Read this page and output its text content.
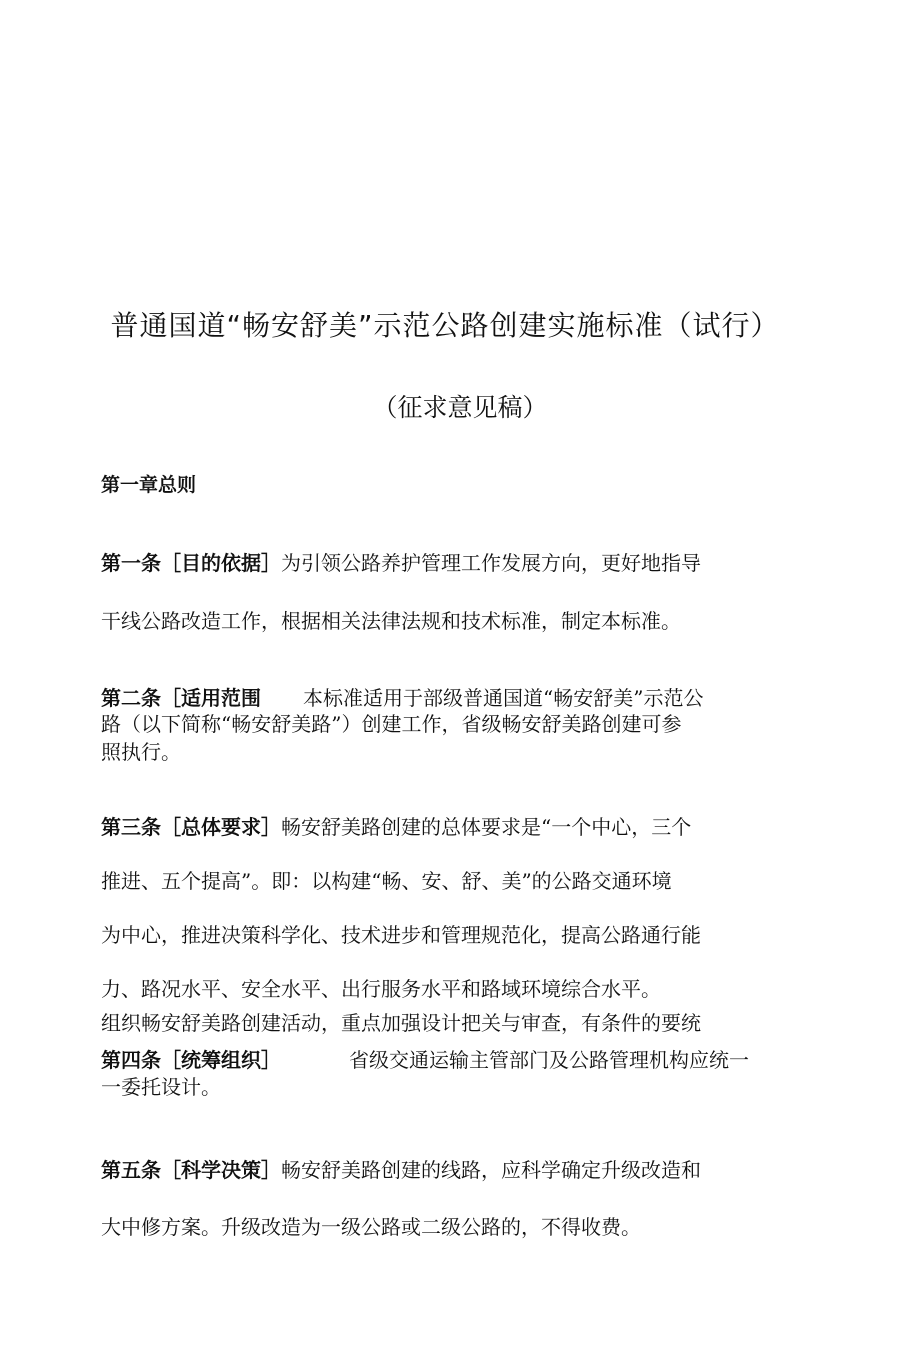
普通国道“畅安舒美”示范公路创建实施标准（试行）
（征求意见稿）
第一章总则
第一条［目的依据］为引领公路养护管理工作发展方向，更好地指导
干线公路改造工作，根据相关法律法规和技术标准，制定本标准。
第二条［适用范围 本标准适用于部级普通国道“畅安舒美”示范公
路（以下简称“畅安舒美路”）创建工作，省级畅安舒美路创建可参
照执行。
第三条［总体要求］畅安舒美路创建的总体要求是“一个中心，三个
推进、五个提高”。即：以构建“畅、安、舒、美”的公路交通环境
为中心，推进决策科学化、技术进步和管理规范化，提高公路通行能
力、路况水平、安全水平、出行服务水平和路域环境综合水平。
组织畅安舒美路创建活动，重点加强设计把关与审查，有条件的要统
第四条［统筹组织］	省级交通运输主管部门及公路管理机构应统一
一委托设计。
第五条［科学决策］畅安舒美路创建的线路，应科学确定升级改造和
大中修方案。升级改造为一级公路或二级公路的，不得收费。
